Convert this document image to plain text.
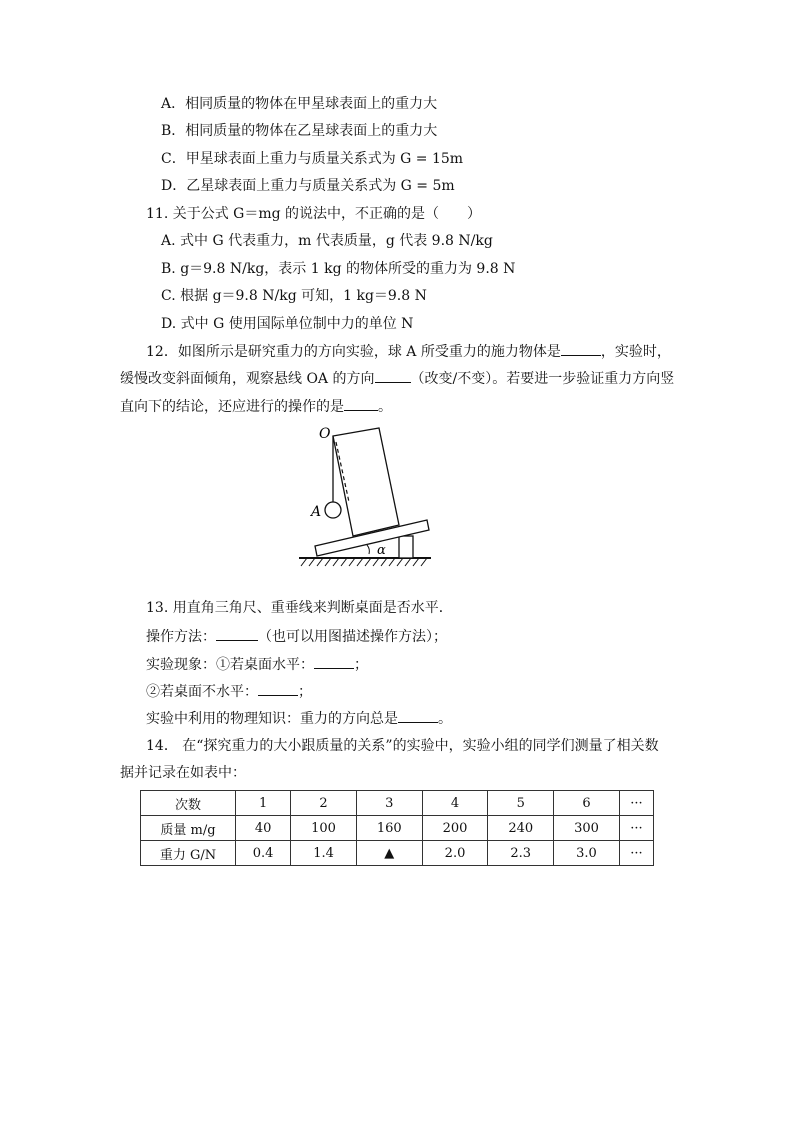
A．相同质量的物体在甲星球表面上的重力大
B．相同质量的物体在乙星球表面上的重力大
C．甲星球表面上重力与质量关系式为 G = 15m
D．乙星球表面上重力与质量关系式为 G = 5m
11. 关于公式 G＝mg 的说法中，不正确的是（　　）
A. 式中 G 代表重力，m 代表质量，g 代表 9.8 N/kg
B. g＝9.8 N/kg，表示 1 kg 的物体所受的重力为 9.8 N
C. 根据 g＝9.8 N/kg 可知，1 kg＝9.8 N
D. 式中 G 使用国际单位制中力的单位 N
12．如图所示是研究重力的方向实验，球 A 所受重力的施力物体是	，实验时，
缓慢改变斜面倾角，观察悬线 OA 的方向	（改变/不变）。若要进一步验证重力方向竖
直向下的结论，还应进行的操作的是 。
α
O
A
13. 用直角三角尺、重垂线来判断桌面是否水平．
操作方法：	（也可以用图描述操作方法）；
实验现象：①若桌面水平：	；
②若桌面不水平：	；
实验中利用的物理知识：重力的方向总是	。
14． 在“探究重力的大小跟质量的关系”的实验中，实验小组的同学们测量了相关数
据并记录在如表中：
次数	1	2	3	4	5	6	···
质量 m/g	40	100	160	200	240	300	···
重力 G/N	0.4	1.4	▲	2.0	2.3	3.0	···
